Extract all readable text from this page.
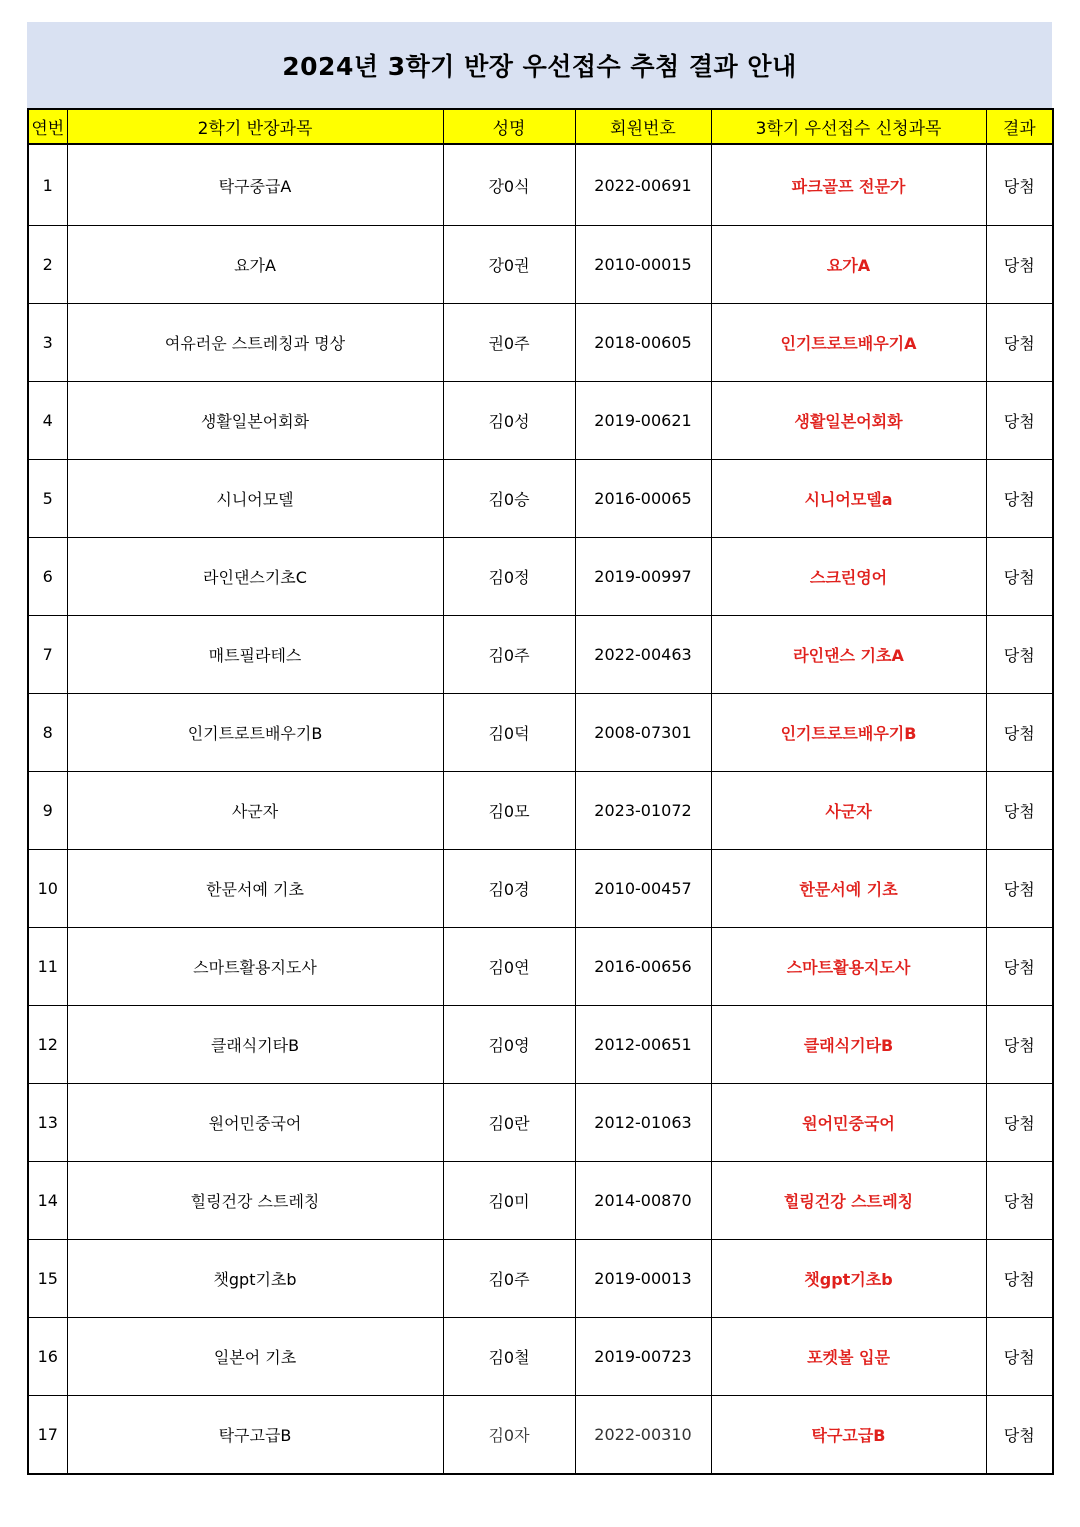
2024년 3학기 반장 우선접수 추첨 결과 안내
연번	2학기 반장과목	성명	회원번호	3학기 우선접수 신청과목	결과
1	탁구중급A	강0식	2022-00691	파크골프 전문가	당첨
2	요가A	강0권	2010-00015	요가A	당첨
3	여유러운 스트레칭과 명상	권0주	2018-00605	인기트로트배우기A	당첨
4	생활일본어회화	김0성	2019-00621	생활일본어회화	당첨
5	시니어모델	김0승	2016-00065	시니어모델a	당첨
6	라인댄스기초C	김0정	2019-00997	스크린영어	당첨
7	매트필라테스	김0주	2022-00463	라인댄스 기초A	당첨
8	인기트로트배우기B	김0덕	2008-07301	인기트로트배우기B	당첨
9	사군자	김0모	2023-01072	사군자	당첨
10	한문서예 기초	김0경	2010-00457	한문서예 기초	당첨
11	스마트활용지도사	김0연	2016-00656	스마트활용지도사	당첨
12	클래식기타B	김0영	2012-00651	클래식기타B	당첨
13	원어민중국어	김0란	2012-01063	원어민중국어	당첨
14	힐링건강 스트레칭	김0미	2014-00870	힐링건강 스트레칭	당첨
15	챗gpt기초b	김0주	2019-00013	챗gpt기초b	당첨
16	일본어 기초	김0철	2019-00723	포켓볼 입문	당첨
17	탁구고급B	김0자	2022-00310	탁구고급B	당첨
